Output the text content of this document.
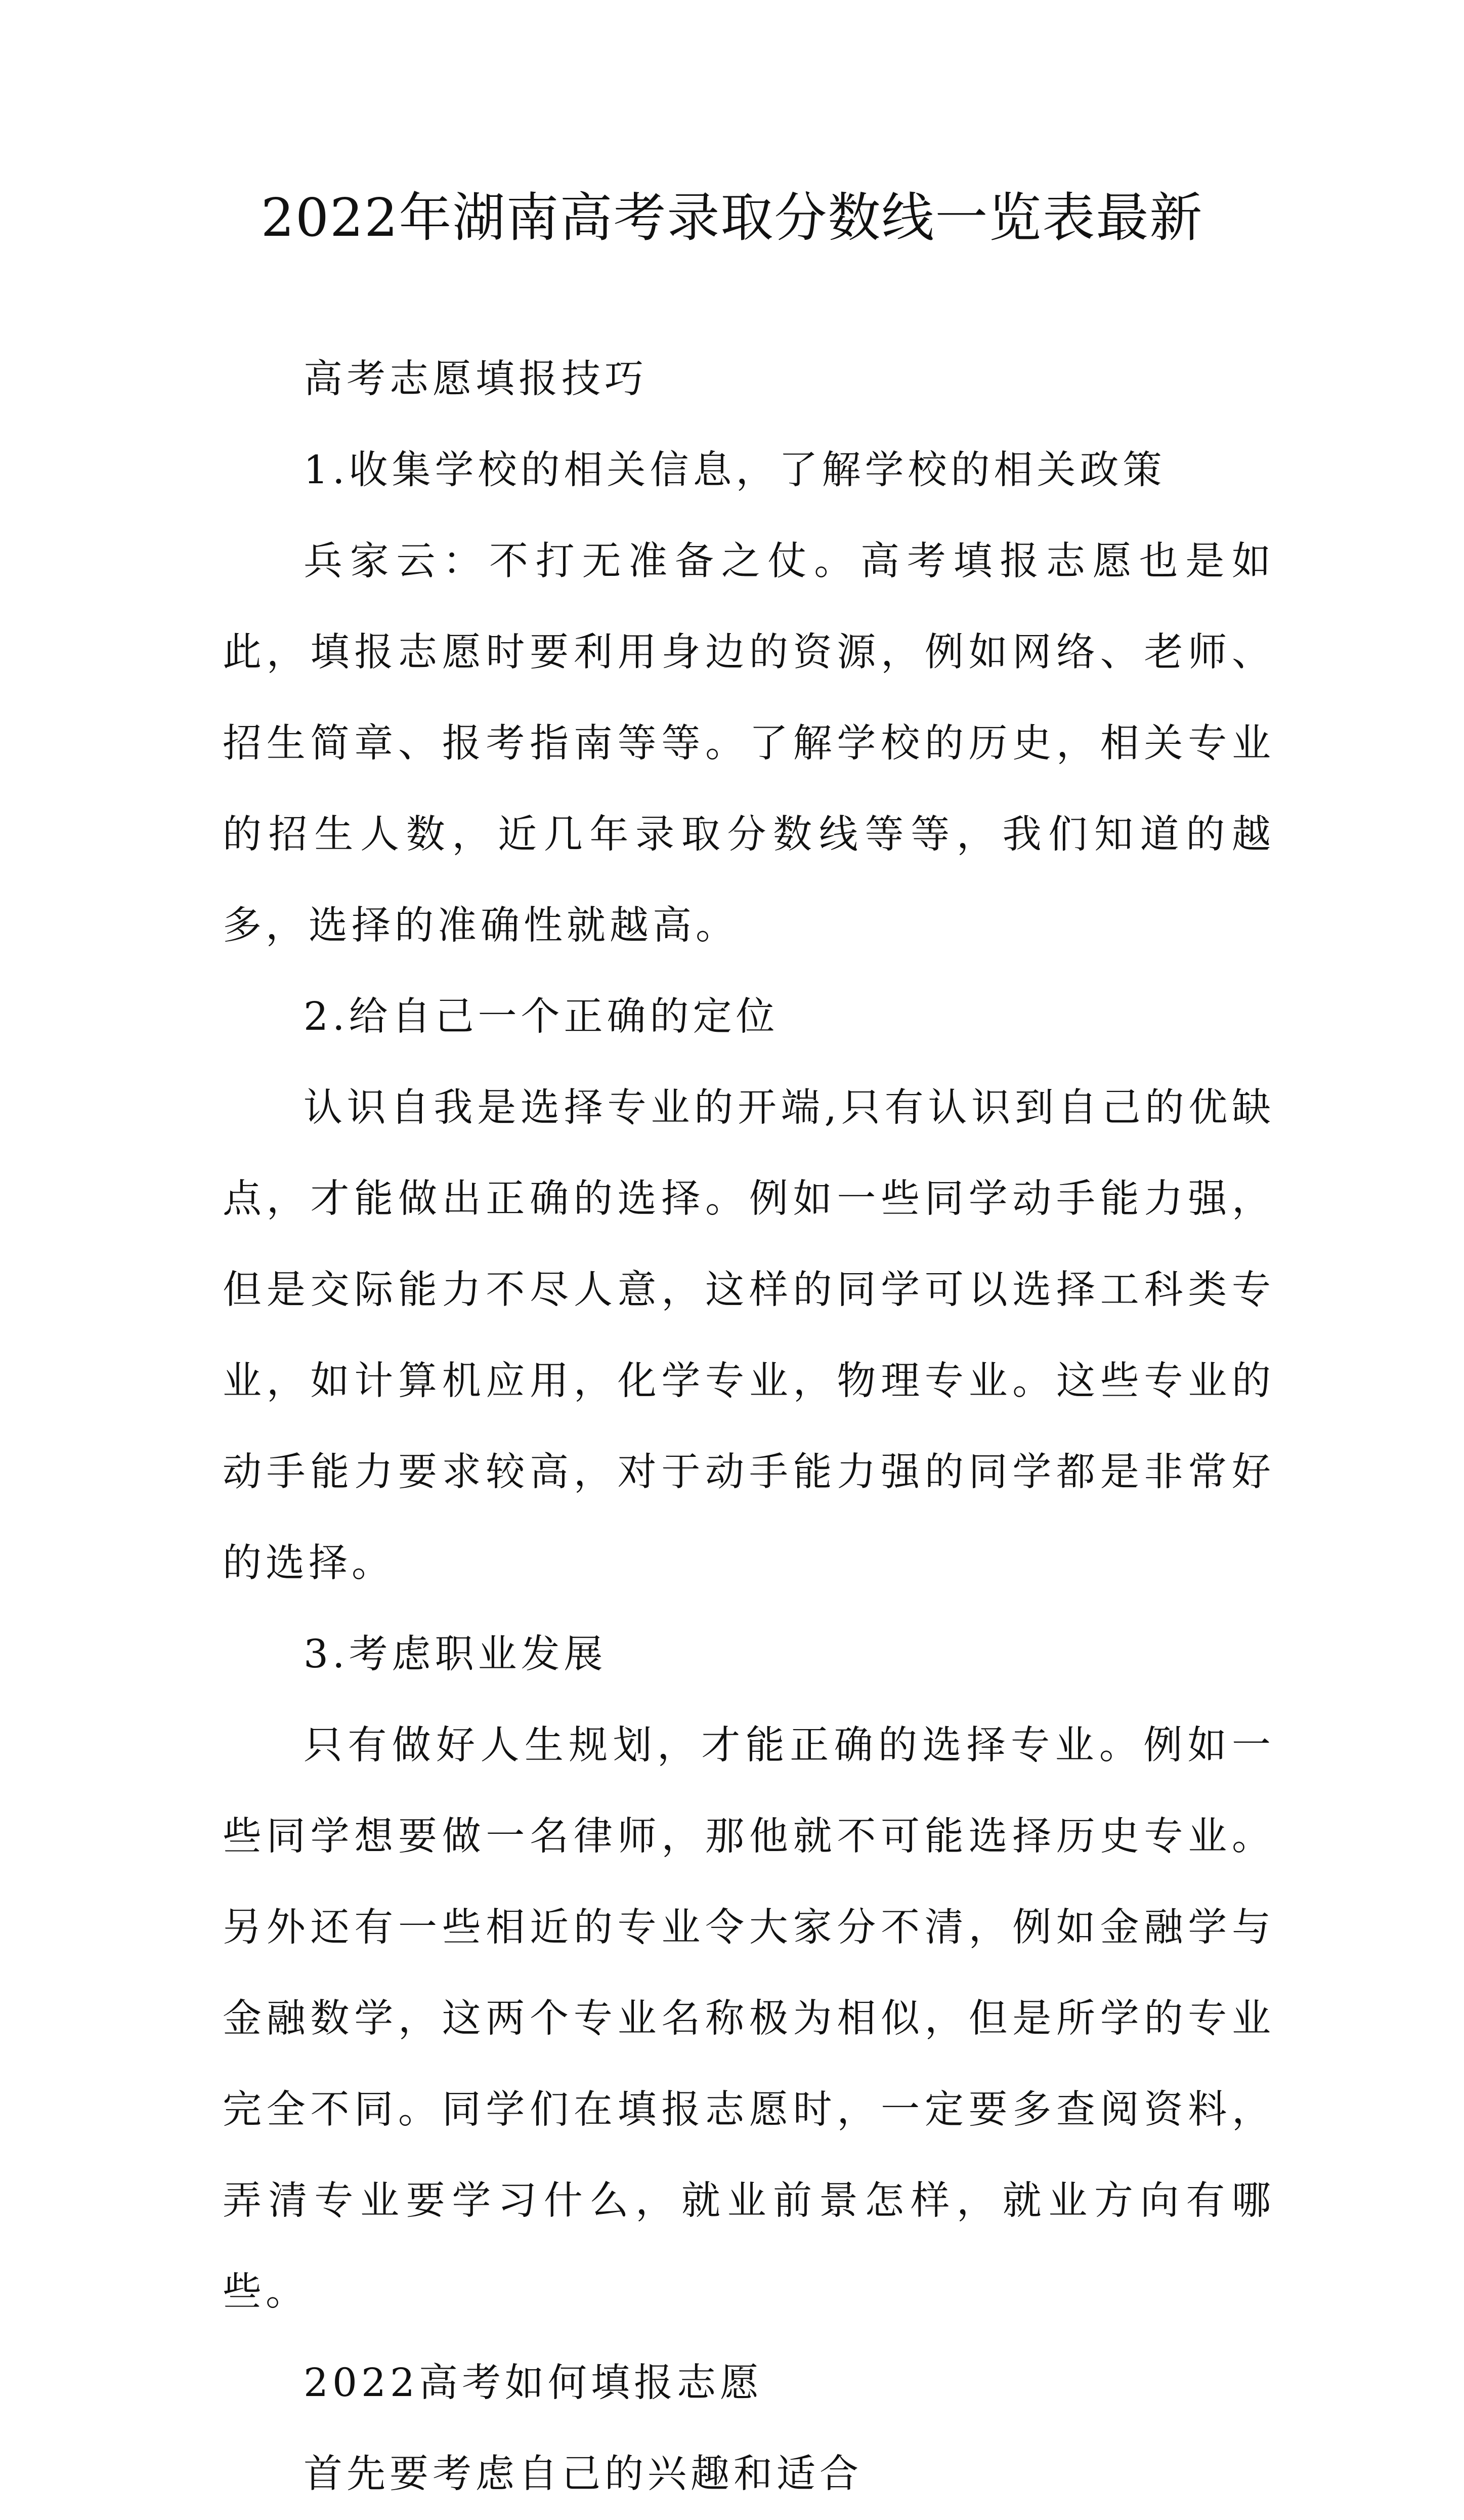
2022年湖南高考录取分数线一览表最新

高考志愿填报技巧

1.收集学校的相关信息，了解学校的相关政策

兵家云：不打无准备之仗。高考填报志愿也是如此，填报志愿时要利用身边的资源，例如网络、老师、招生简章、报考指南等等。了解学校的历史，相关专业的招生人数，近几年录取分数线等等，我们知道的越多，选择的准确性就越高。

2.给自己一个正确的定位

认识自我是选择专业的开端,只有认识到自己的优缺点，才能做出正确的选择。例如一些同学动手能力强，但是交际能力不尽人意，这样的同学可以选择工科类专业，如计算机应用，化学专业，物理专业。这些专业的动手能力要求较高，对于动手能力强的同学都是非常好的选择。

3.考虑职业发展

只有做好人生规划，才能正确的选择专业。例如一些同学想要做一名律师，那他就不可能选择历史专业。另外还有一些相近的专业令大家分不清，例如金融学与金融数学，这两个专业名称极为相似，但是所学的专业完全不同。同学们在填报志愿时，一定要多查阅资料，弄清专业要学习什么，就业前景怎样，就业方向有哪些。

2022高考如何填报志愿

首先要考虑自己的兴趣和适合
